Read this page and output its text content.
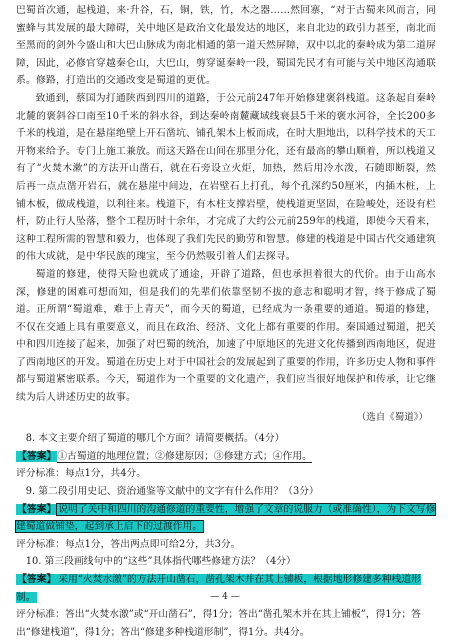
巴蜀首次通，起栈道，来·升谷，石，铜，铁，竹，木之器……然回寨，“对于古蜀来风而言，同蜜蜂与其发展的最大障碍，关中地区是政治文化最发达的地区，来自北边的政引力甚至，南北而至黑而的剑外今盛山和大巴山脉成为南北相通的第一道天然屏障，双中以北的秦岭成为第二道屏障，因此，必修官穿越秦仑山，大巴山，剪穿诞秦岭一段，蜀国先民才有可能与关中地区沟通联系。修路，打造出的交通改变是蜀道的更优。

致通到，蔡国为打通陕西到四川的道路，于公元前247年开始修建褒斜栈道。这条起自秦岭北麓的褒斜谷口南至10千米的斜水谷，到达秦岭南麓藏域线衰县5千米的褒水河谷，全长200多千米的栈道，是在悬崖绝壁上开石凿坑、铺孔架木上板而成，在时大胆地出，以科学技术的天工开物来给予。专门上施工兼放。而这天路在山间在那里分化，还有最高的攀山顺着，所以栈道又有了“火焚木漱”的方法开山凿石，就在石旁设立火炬，加热，然后用冷水泼，石随即断裂，然后再一点点凿开岩石，就在悬崖中间边，在岩壁石上打孔，每个孔深约50厘米，内插木桩，上铺木板，做成栈道，以利往来。栈道下，有木柱支撑岩壁，使栈道更坚固，在险峻处，还设有栏杆，防止行人坠落，整个工程历时十余年，才完成了大约公元前259年的栈道，即使今天看来，这种工程所需的智慧和毅力，也体现了我们先民的勤劳和智慧。修建的栈道是中国古代交通建筑的伟大成就，是中华民族的瑰宝，至今仍然吸引着人们去探寻。

蜀道的修建，使得天险也就成了通途，开辟了道路，但也承担着很大的代价。由于山高水深，修建的困难可想而知，但是我们的先辈们依靠坚韧不拔的意志和聪明才智，终于修成了蜀道。正所谓“蜀道难，难于上青天”，而今天的蜀道，已经成为一条重要的通道。蜀道的修建，不仅在交通上具有重要意义，而且在政治、经济、文化上都有重要的作用。秦国通过蜀道，把关中和四川连接了起来，加强了对巴蜀的统治，加速了中原地区的先进文化传播到西南地区，促进了西南地区的开发。蜀道在历史上对于中国社会的发展起到了重要的作用，许多历史人物和事件都与蜀道紧密联系。今天，蜀道作为一个重要的文化遗产，我们应当很好地保护和传承，让它继续为后人讲述历史的故事。

（选自《蜀道》）

8. 本文主要介绍了蜀道的哪几个方面？请简要概括。（4分）

【答案】①古蜀道的地理位置；②修建原因；③修建方式；④作用。

评分标准：每点1分，共4分。

9. 第二段引用史记、资治通鉴等文献中的文字有什么作用？（3分）

【答案】 说明了关中和四川的沟通修道的重要性，增强了文章的说服力（或准确性），为下文写修建蜀道做铺垫，起到承上启下的过渡作用。

评分标准：每点1分，答出两点即可给2分，共3分。

10. 第三段画线句中的“这些”具体指代哪些修建方法？（4分）

【答案】 采用“火焚水激”的方法开山凿石，凿孔架木并在其上铺板，根据地形修建多种栈道形制。

评分标准：答出“火焚水激”或“开山凿石”，得1分；答出“凿孔架木并在其上铺板”，得1分；答出“修建栈道”，得1分；答出“修建多种栈道形制”，得1分。共4分。

— 4 —
